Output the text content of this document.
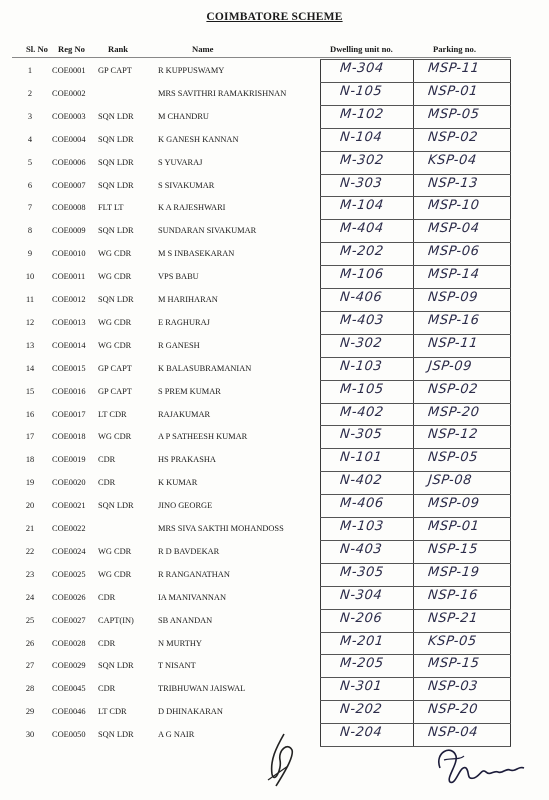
COIMBATORE SCHEME
Sl. No Reg No	Rank	Name	Dwelling unit no.	Parking no.
1	COE0001 GP CAPT	R KUPPUSWAMY	M-304	MSP-11
2	COE0002	MRS SAVITHRI RAMAKRISHNAN	N-105	NSP-01
3	COE0003 SQN LDR	M CHANDRU	M-102	MSP-05
4	COE0004 SQN LDR	K GANESH KANNAN	N-104	NSP-02
5	COE0006 SQN LDR	S YUVARAJ	M-302	KSP-04
6	COE0007 SQN LDR	S SIVAKUMAR	N-303	NSP-13
7	COE0008 FLT LT	K A RAJESHWARI	M-104	MSP-10
8	COE0009 SQN LDR	SUNDARAN SIVAKUMAR	M-404	MSP-04
9	COE0010 WG CDR	M S INBASEKARAN	M-202	MSP-06
10 COE0011 WG CDR	VPS BABU	M-106	MSP-14
11 COE0012 SQN LDR	M HARIHARAN	N-406	NSP-09
12 COE0013 WG CDR	E RAGHURAJ	M-403	MSP-16
13 COE0014 WG CDR	R GANESH	N-302	NSP-11
14 COE0015 GP CAPT	K BALASUBRAMANIAN	N-103	JSP-09
15 COE0016 GP CAPT	S PREM KUMAR	M-105	NSP-02
16 COE0017 LT CDR	RAJAKUMAR	M-402	MSP-20
17 COE0018 WG CDR	A P SATHEESH KUMAR	N-305	NSP-12
18 COE0019 CDR	HS PRAKASHA	N-101	NSP-05
19 COE0020 CDR	K KUMAR	N-402	JSP-08
20 COE0021 SQN LDR	JINO GEORGE	M-406	MSP-09
21 COE0022	MRS SIVA SAKTHI MOHANDOSS	M-103	MSP-01
22 COE0024 WG CDR	R D BAVDEKAR	N-403	NSP-15
23 COE0025 WG CDR	R RANGANATHAN	M-305	MSP-19
24 COE0026 CDR	IA MANIVANNAN	N-304	NSP-16
25 COE0027 CAPT(IN)	SB ANANDAN	N-206	NSP-21
26 COE0028 CDR	N MURTHY	M-201	KSP-05
27 COE0029 SQN LDR	T NISANT	M-205	MSP-15
28 COE0045 CDR	TRIBHUWAN JAISWAL	N-301	NSP-03
29 COE0046 LT CDR	D DHINAKARAN	N-202	NSP-20
30 COE0050 SQN LDR	A G NAIR	N-204	NSP-04
